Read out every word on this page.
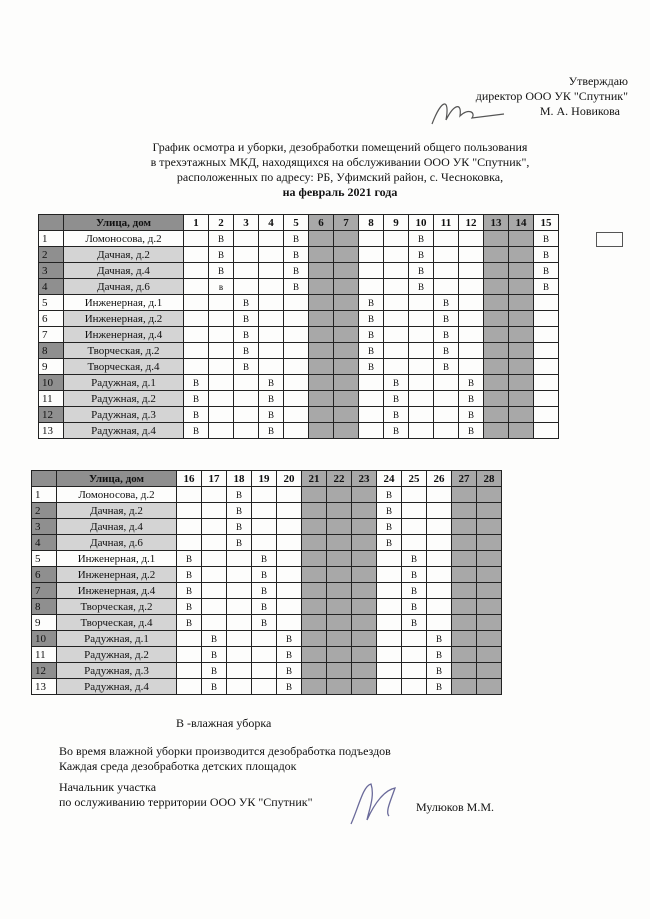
Утверждаю
директор ООО УК "Спутник"
М. А. Новикова
График осмотра и уборки, дезобработки помещений общего пользования
в трехэтажных МКД, находящихся на обслуживании ООО УК "Спутник",
расположенных по адресу: РБ, Уфимский район, с. Чесноковка,
на февраль 2021 года
	Улица, дом	1	2	3	4	5	6	7	8	9	10	11	12	13	14	15
1	Ломоносова, д.2		В			В					В					В
2	Дачная, д.2		В			В					В					В
3	Дачная, д.4		В			В					В					В
4	Дачная, д.6		в			В					В					В
5	Инженерная, д.1			В					В			В				
6	Инженерная, д.2			В					В			В				
7	Инженерная, д.4			В					В			В				
8	Творческая, д.2			В					В			В				
9	Творческая, д.4			В					В			В				
10	Радужная, д.1	В			В					В			В			
11	Радужная, д.2	В			В					В			В			
12	Радужная, д.3	В			В					В			В			
13	Радужная, д.4	В			В					В			В			
	Улица, дом	16	17	18	19	20	21	22	23	24	25	26	27	28
1	Ломоносова, д.2			В						В				
2	Дачная, д.2			В						В				
3	Дачная, д.4			В						В				
4	Дачная, д.6			В						В				
5	Инженерная, д.1	В			В						В			
6	Инженерная, д.2	В			В						В			
7	Инженерная, д.4	В			В						В			
8	Творческая, д.2	В			В						В			
9	Творческая, д.4	В			В						В			
10	Радужная, д.1		В			В						В		
11	Радужная, д.2		В			В						В		
12	Радужная, д.3		В			В						В		
13	Радужная, д.4		В			В						В		
В -влажная уборка
Во время влажной уборки производится дезобработка подъездов
Каждая среда дезобработка детских площадок
Начальник участка
по оcлуживанию территории ООО УК "Спутник"	Мулюков М.М.
